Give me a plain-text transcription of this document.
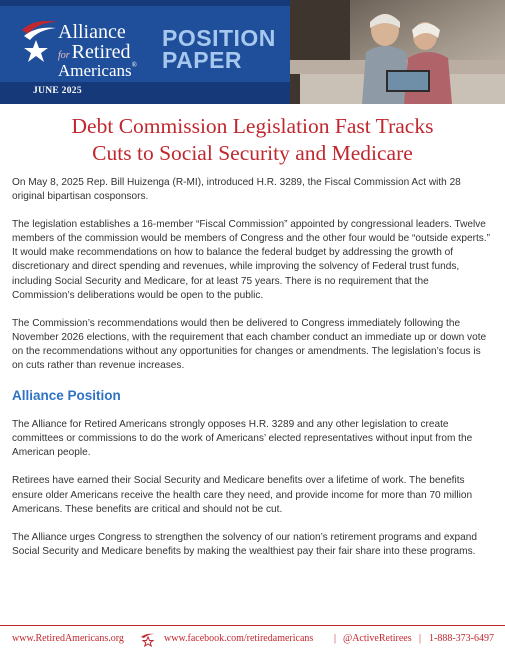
Alliance
for Retired
Americans®
POSITION
PAPER
JUNE 2025
Debt Commission Legislation Fast Tracks
Cuts to Social Security and Medicare

On May 8, 2025 Rep. Bill Huizenga (R-MI), introduced H.R. 3289, the Fiscal Commission Act with 28 original bipartisan cosponsors.

The legislation establishes a 16-member “Fiscal Commission” appointed by congressional leaders. Twelve members of the commission would be members of Congress and the other four would be “outside experts.” It would make recommendations on how to balance the federal budget by addressing the growth of discretionary and direct spending and revenues, while improving the solvency of Federal trust funds, including Social Security and Medicare, for at least 75 years. There is no requirement that the Commission’s deliberations would be open to the public.

The Commission’s recommendations would then be delivered to Congress immediately following the November 2026 elections, with the requirement that each chamber conduct an immediate up or down vote on the recommendations without any opportunities for changes or amendments. The legislation’s focus is on cuts rather than revenue increases.

Alliance Position

The Alliance for Retired Americans strongly opposes H.R. 3289 and any other legislation to create committees or commissions to do the work of Americans’ elected representatives without input from the American people.

Retirees have earned their Social Security and Medicare benefits over a lifetime of work. The benefits ensure older Americans receive the health care they need, and provide income for more than 70 million Americans. These benefits are critical and should not be cut.

The Alliance urges Congress to strengthen the solvency of our nation’s retirement programs and expand Social Security and Medicare benefits by making the wealthiest pay their fair share into these programs.

www.RetiredAmericans.org	www.facebook.com/retiredamericans | @ActiveRetirees | 1-888-373-6497
